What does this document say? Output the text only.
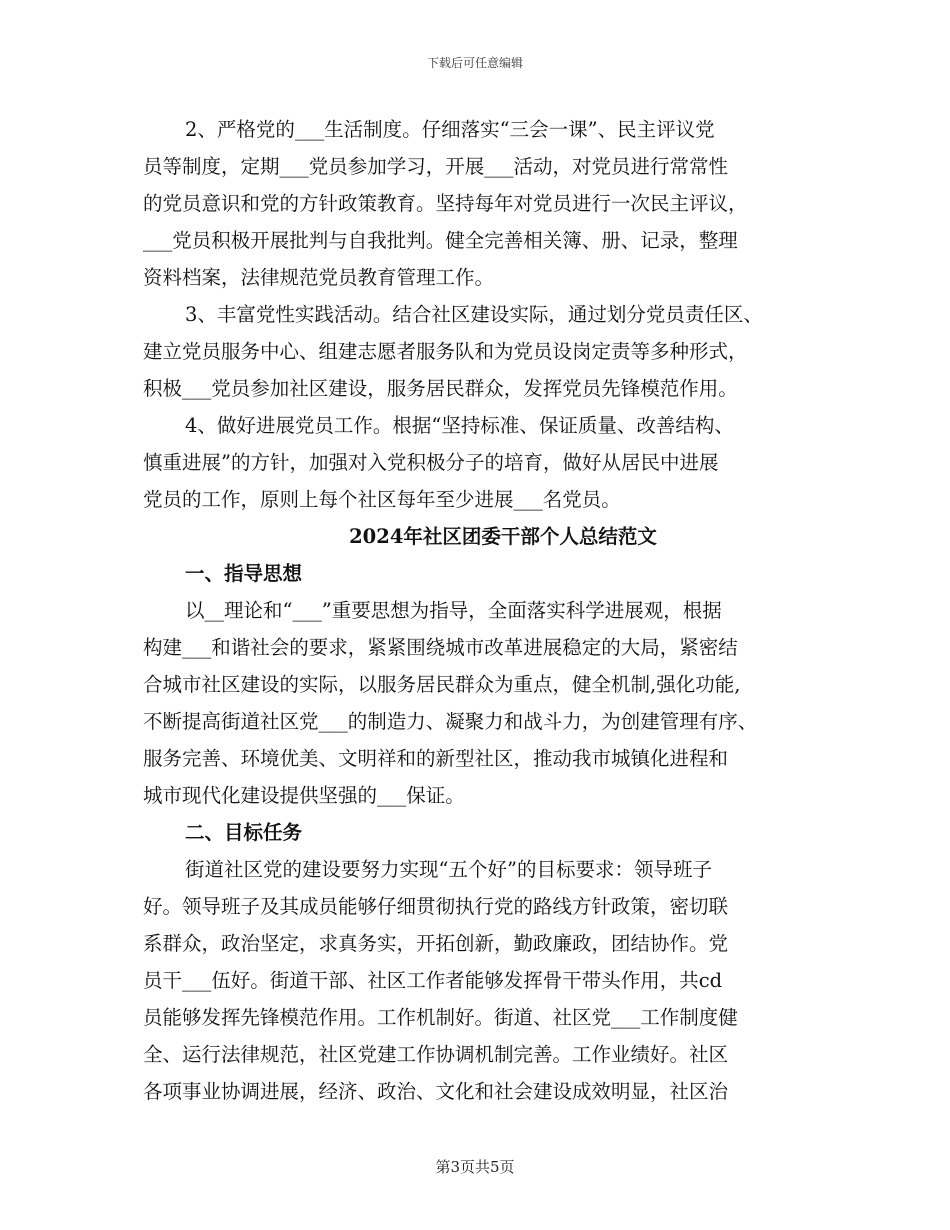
下载后可任意编辑
2、严格党的___生活制度。仔细落实“三会一课”、民主评议党
员等制度，定期___党员参加学习，开展___活动，对党员进行常常性
的党员意识和党的方针政策教育。坚持每年对党员进行一次民主评议，
___党员积极开展批判与自我批判。健全完善相关簿、册、记录，整理
资料档案，法律规范党员教育管理工作。
3、丰富党性实践活动。结合社区建设实际，通过划分党员责任区、
建立党员服务中心、组建志愿者服务队和为党员设岗定责等多种形式，
积极___党员参加社区建设，服务居民群众，发挥党员先锋模范作用。
4、做好进展党员工作。根据“坚持标准、保证质量、改善结构、
慎重进展”的方针，加强对入党积极分子的培育，做好从居民中进展
党员的工作，原则上每个社区每年至少进展___名党员。
2024年社区团委干部个人总结范文
一、指导思想
以__理论和“___”重要思想为指导，全面落实科学进展观，根据
构建___和谐社会的要求，紧紧围绕城市改革进展稳定的大局，紧密结
合城市社区建设的实际，以服务居民群众为重点，健全机制,强化功能,
不断提高街道社区党___的制造力、凝聚力和战斗力，为创建管理有序、
服务完善、环境优美、文明祥和的新型社区，推动我市城镇化进程和
城市现代化建设提供坚强的___保证。
二、目标任务
街道社区党的建设要努力实现“五个好”的目标要求：领导班子
好。领导班子及其成员能够仔细贯彻执行党的路线方针政策，密切联
系群众，政治坚定，求真务实，开拓创新，勤政廉政，团结协作。党
员干___伍好。街道干部、社区工作者能够发挥骨干带头作用，共cd
员能够发挥先锋模范作用。工作机制好。街道、社区党___工作制度健
全、运行法律规范，社区党建工作协调机制完善。工作业绩好。社区
各项事业协调进展，经济、政治、文化和社会建设成效明显，社区治
第3页共5页
